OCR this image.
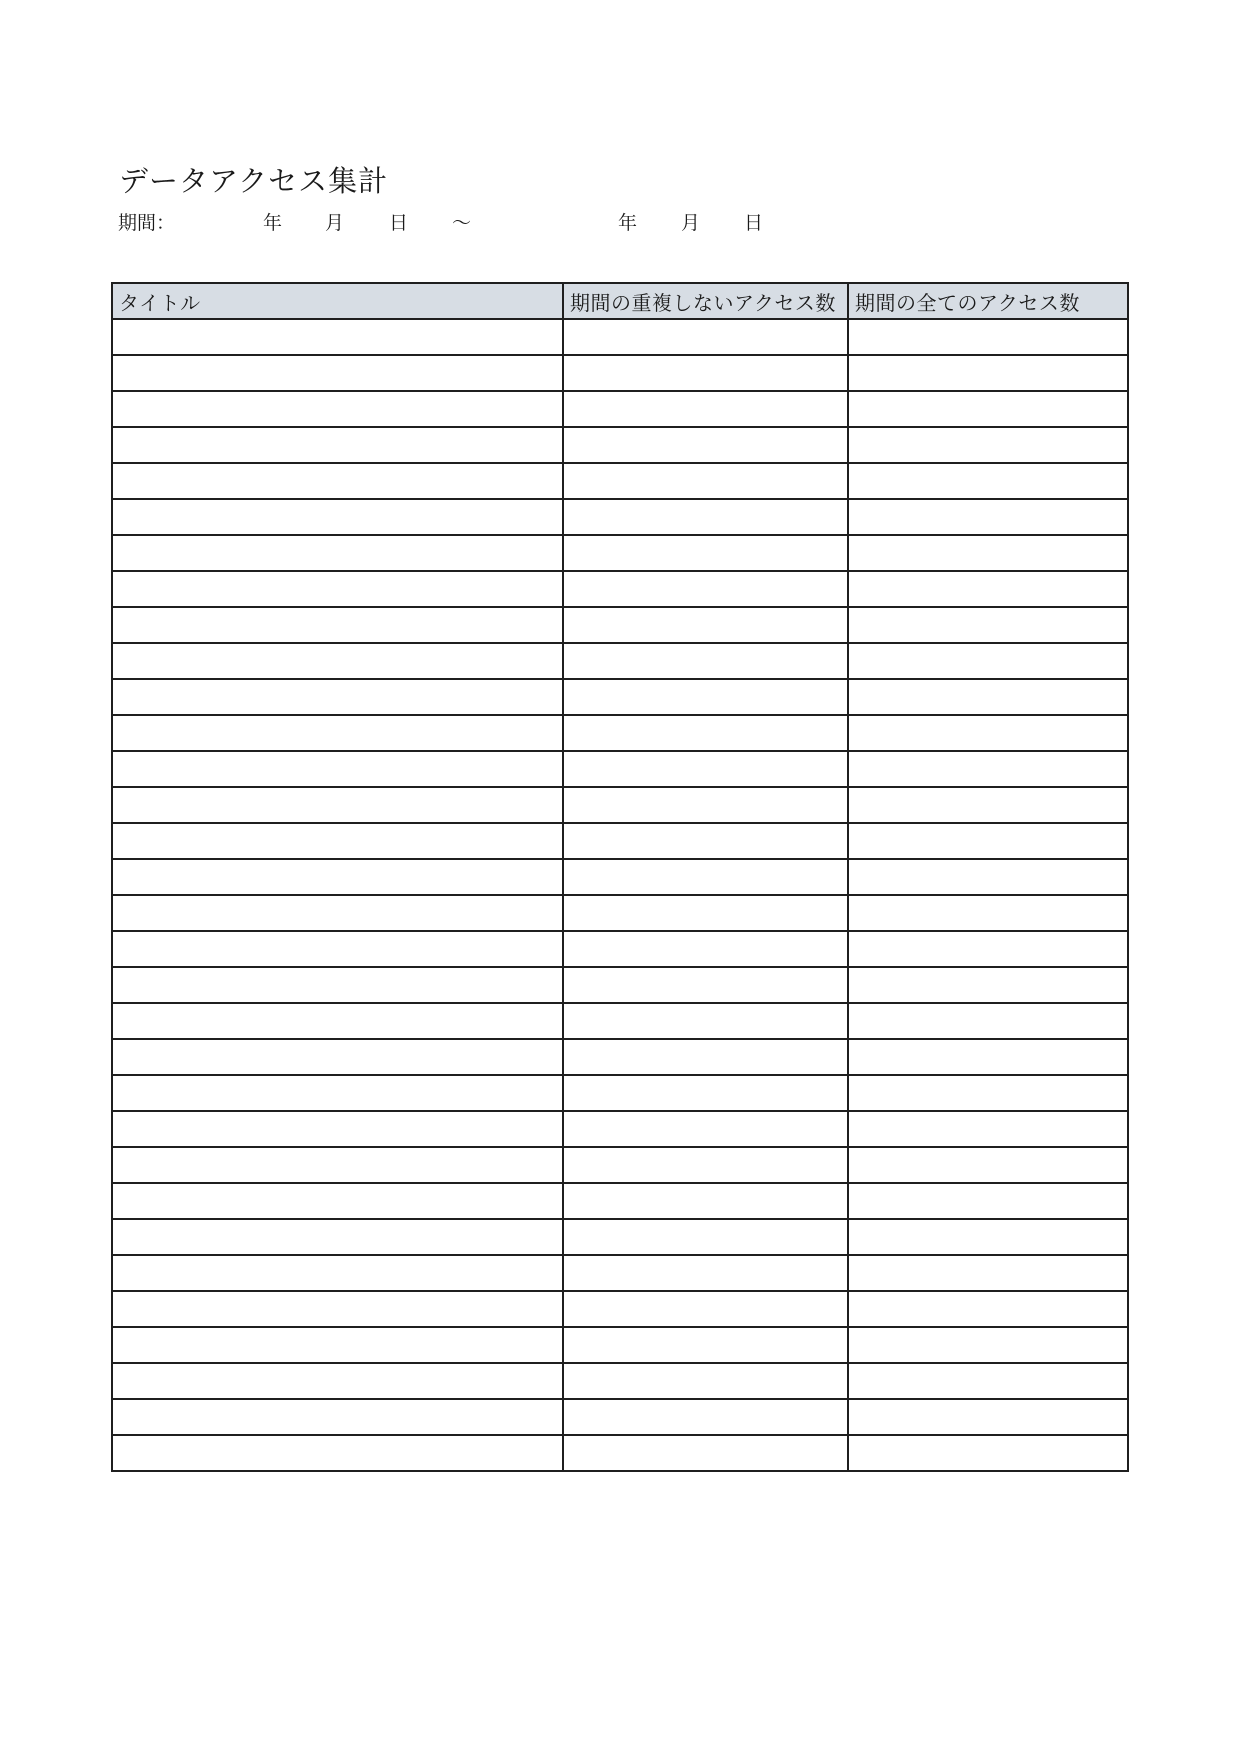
データアクセス集計
期間：	年 月 日 〜	年 月 日
タイトル	期間の重複しないアクセス数	期間の全てのアクセス数
